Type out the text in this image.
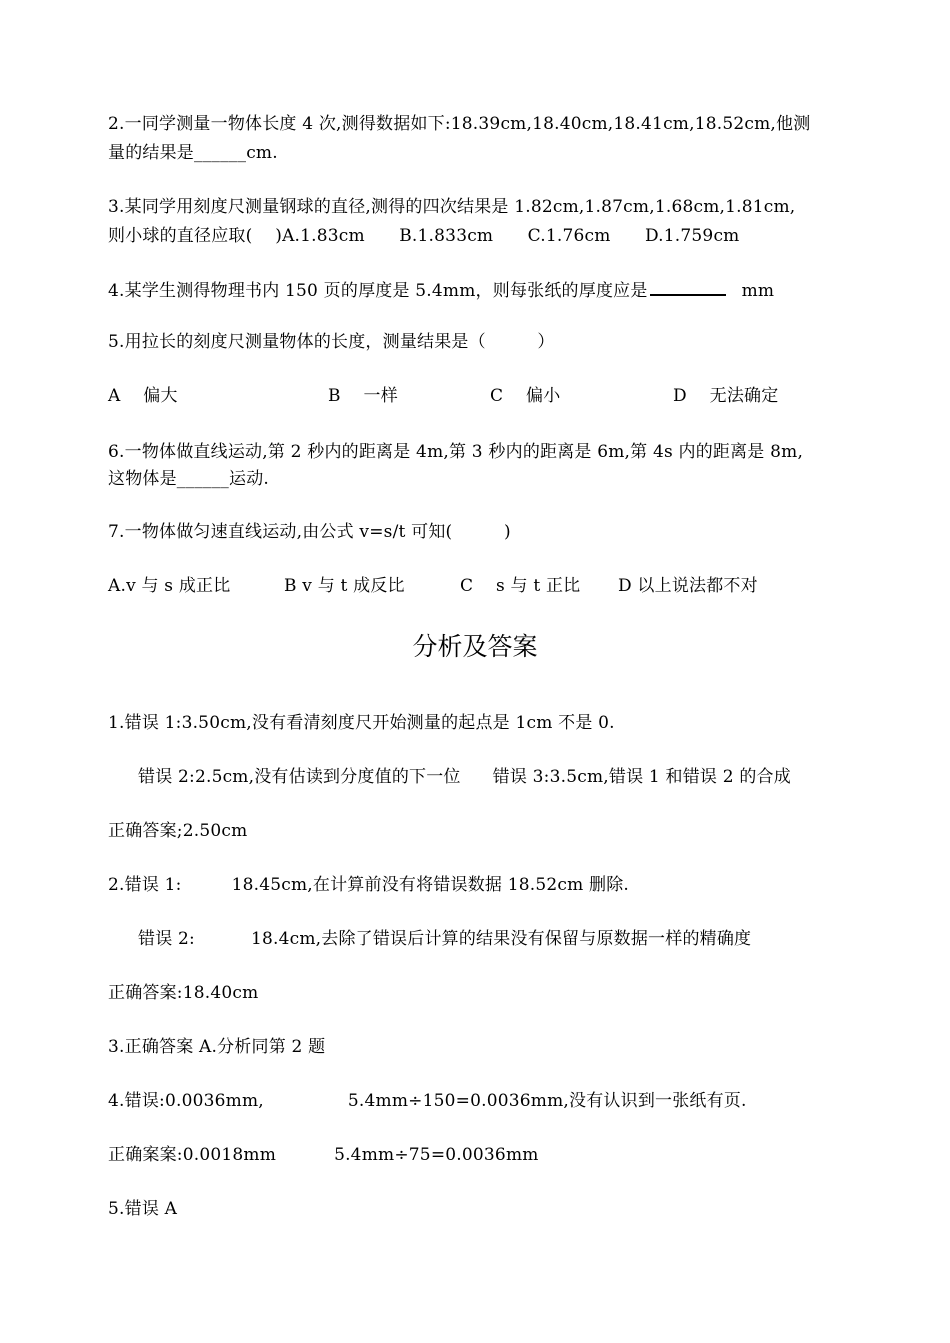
2.一同学测量一物体长度 4 次,测得数据如下:18.39cm,18.40cm,18.41cm,18.52cm,他测
量的结果是______cm.
3.某同学用刻度尺测量钢球的直径,测得的四次结果是 1.82cm,1.87cm,1.68cm,1.81cm,
则小球的直径应取(　 )A.1.83cm　　B.1.833cm　　C.1.76cm　　D.1.759cm
4.某学生测得物理书内 150 页的厚度是 5.4mm，则每张纸的厚度应是	mm
5.用拉长的刻度尺测量物体的长度，测量结果是（　　　）
A　 偏大	B　 一样	C　 偏小	D　 无法确定
6.一物体做直线运动,第 2 秒内的距离是 4m,第 3 秒内的距离是 6m,第 4s 内的距离是 8m,
这物体是______运动.
7.一物体做匀速直线运动,由公式 v=s/t 可知(　　　)
A.v 与 s 成正比	B v 与 t 成反比	C　 s 与 t 正比 D 以上说法都不对
分析及答案
1.错误 1:3.50cm,没有看清刻度尺开始测量的起点是 1cm 不是 0.
错误 2:2.5cm,没有估读到分度值的下一位 错误 3:3.5cm,错误 1 和错误 2 的合成
正确答案;2.50cm
2.错误 1:	18.45cm,在计算前没有将错误数据 18.52cm 删除.
错误 2:	18.4cm,去除了错误后计算的结果没有保留与原数据一样的精确度
正确答案:18.40cm
3.正确答案 A.分析同第 2 题
4.错误:0.0036mm,	5.4mm÷150=0.0036mm,没有认识到一张纸有页.
正确案案:0.0018mm	5.4mm÷75=0.0036mm
5.错误 A
